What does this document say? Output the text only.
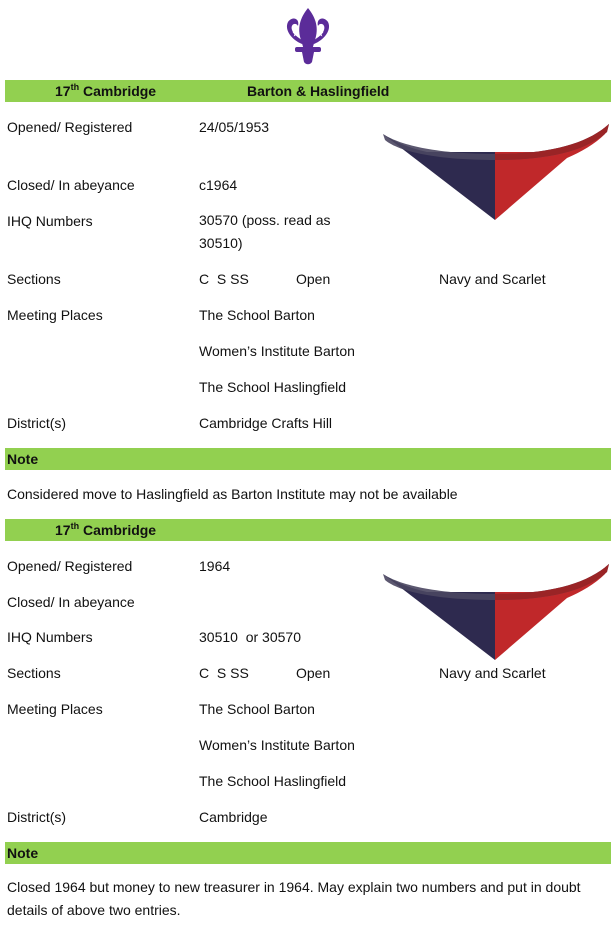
17th Cambridge	Barton & Haslingfield
Opened/ Registered	24/05/1953
Closed/ In abeyance	c1964
IHQ Numbers	30570 (poss. read as 30510)
Sections	C  S SS	Open	Navy and Scarlet
Meeting Places	The School Barton
Women’s Institute Barton
The School Haslingfield
District(s)	Cambridge Crafts Hill
Note
Considered move to Haslingfield as Barton Institute may not be available
17th Cambridge
Opened/ Registered	1964
Closed/ In abeyance
IHQ Numbers	30510  or 30570
Sections	C  S SS	Open	Navy and Scarlet
Meeting Places	The School Barton
Women’s Institute Barton
The School Haslingfield
District(s)	Cambridge
Note
Closed 1964 but money to new treasurer in 1964. May explain two numbers and put in doubt details of above two entries.
